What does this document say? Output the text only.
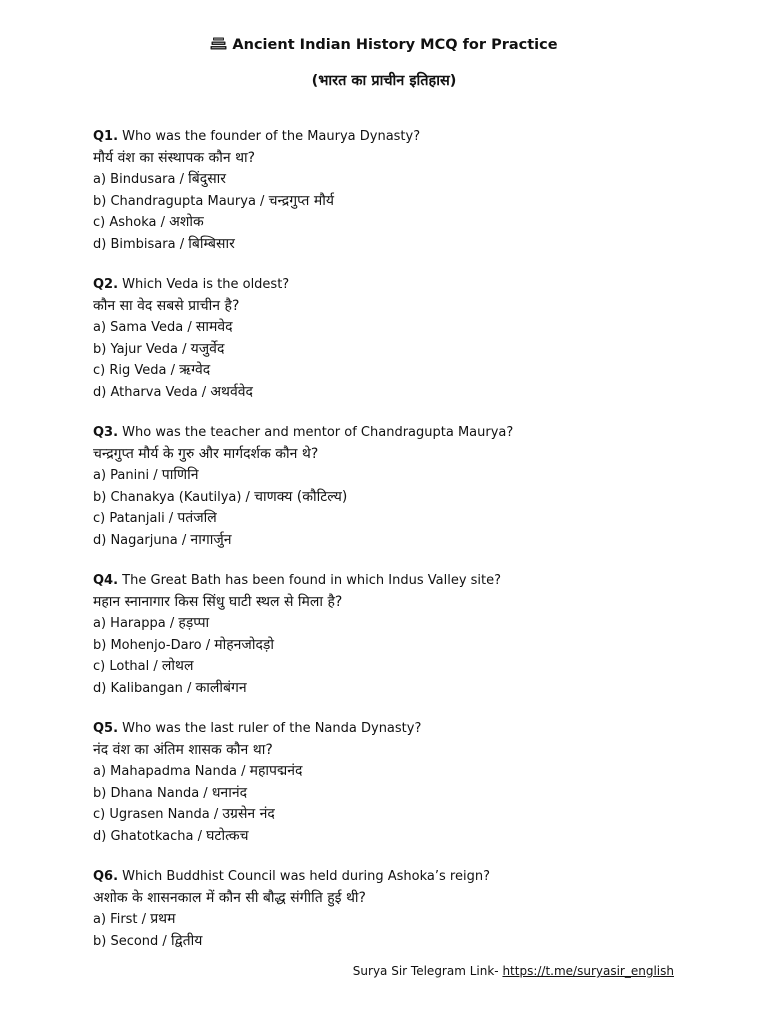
Ancient Indian History MCQ for Practice
(भारत का प्राचीन इतिहास)
Q1. Who was the founder of the Maurya Dynasty?
मौर्य वंश का संस्थापक कौन था?
a) Bindusara / बिंदुसार
b) Chandragupta Maurya / चन्द्रगुप्त मौर्य
c) Ashoka / अशोक
d) Bimbisara / बिम्बिसार
Q2. Which Veda is the oldest?
कौन सा वेद सबसे प्राचीन है?
a) Sama Veda / सामवेद
b) Yajur Veda / यजुर्वेद
c) Rig Veda / ऋग्वेद
d) Atharva Veda / अथर्ववेद
Q3. Who was the teacher and mentor of Chandragupta Maurya?
चन्द्रगुप्त मौर्य के गुरु और मार्गदर्शक कौन थे?
a) Panini / पाणिनि
b) Chanakya (Kautilya) / चाणक्य (कौटिल्य)
c) Patanjali / पतंजलि
d) Nagarjuna / नागार्जुन
Q4. The Great Bath has been found in which Indus Valley site?
महान स्नानागार किस सिंधु घाटी स्थल से मिला है?
a) Harappa / हड़प्पा
b) Mohenjo-Daro / मोहनजोदड़ो
c) Lothal / लोथल
d) Kalibangan / कालीबंगन
Q5. Who was the last ruler of the Nanda Dynasty?
नंद वंश का अंतिम शासक कौन था?
a) Mahapadma Nanda / महापद्मनंद
b) Dhana Nanda / धनानंद
c) Ugrasen Nanda / उग्रसेन नंद
d) Ghatotkacha / घटोत्कच
Q6. Which Buddhist Council was held during Ashoka’s reign?
अशोक के शासनकाल में कौन सी बौद्ध संगीति हुई थी?
a) First / प्रथम
b) Second / द्वितीय
Surya Sir Telegram Link- https://t.me/suryasir_english
